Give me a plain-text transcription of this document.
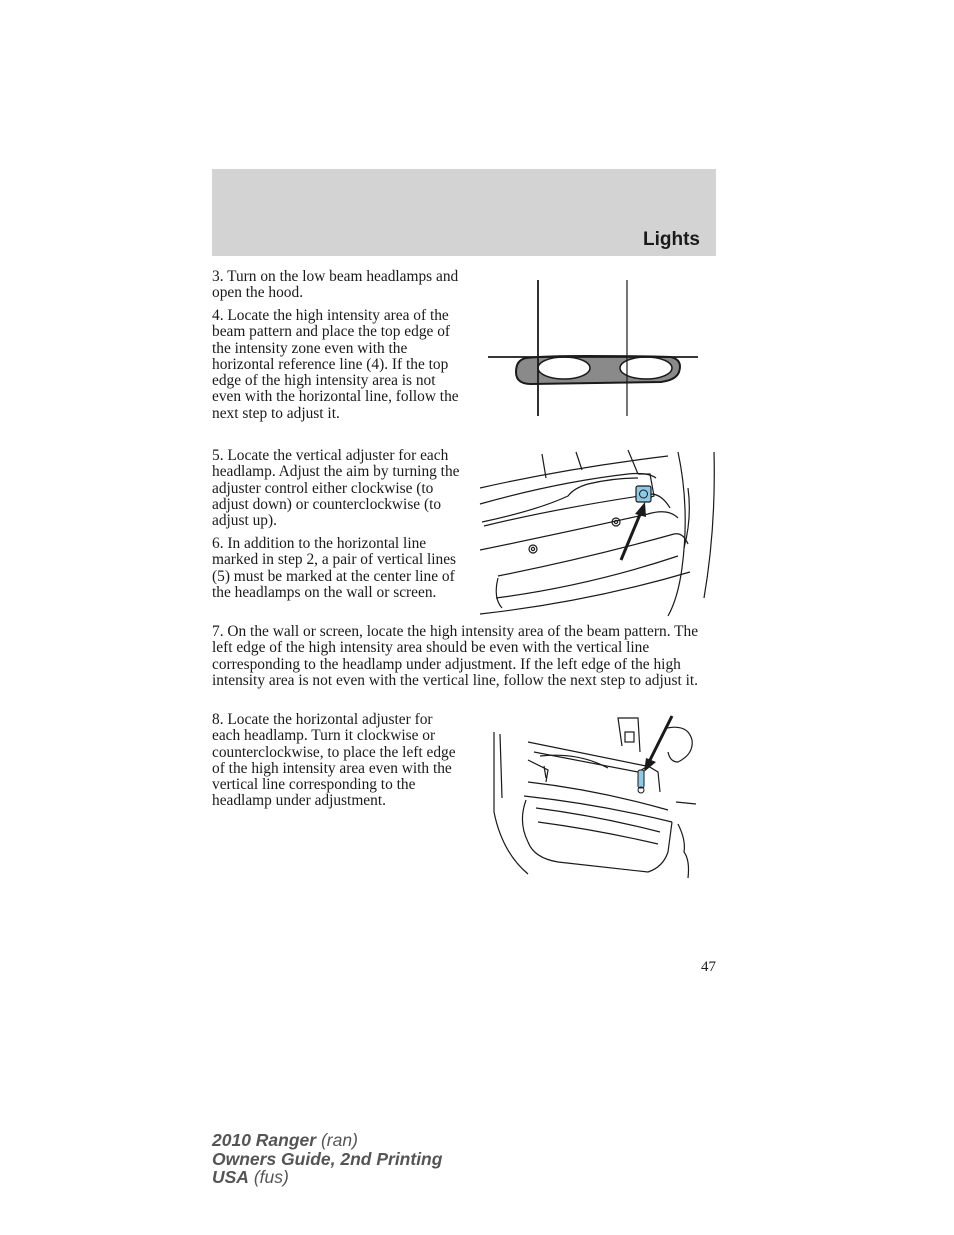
Lights

3. Turn on the low beam headlamps and open the hood.

4. Locate the high intensity area of the beam pattern and place the top edge of the intensity zone even with the horizontal reference line (4). If the top edge of the high intensity area is not even with the horizontal line, follow the next step to adjust it.

5. Locate the vertical adjuster for each headlamp. Adjust the aim by turning the adjuster control either clockwise (to adjust down) or counterclockwise (to adjust up).

6. In addition to the horizontal line marked in step 2, a pair of vertical lines (5) must be marked at the center line of the headlamps on the wall or screen.

7. On the wall or screen, locate the high intensity area of the beam pattern. The left edge of the high intensity area should be even with the vertical line corresponding to the headlamp under adjustment. If the left edge of the high intensity area is not even with the vertical line, follow the next step to adjust it.

8. Locate the horizontal adjuster for each headlamp. Turn it clockwise or counterclockwise, to place the left edge of the high intensity area even with the vertical line corresponding to the headlamp under adjustment.

47
2010 Ranger (ran)
Owners Guide, 2nd Printing
USA (fus)
